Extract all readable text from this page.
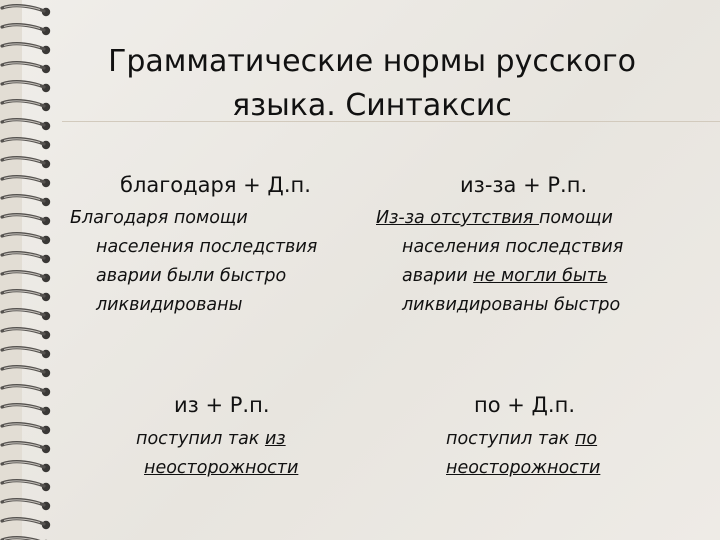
Грамматические нормы русского
языка. Синтаксис
благодаря + Д.п.
Благодаря помощи
населения последствия
аварии были быстро
ликвидированы
из-за + Р.п.
Из-за отсутствия помощи
населения последствия
аварии не могли быть
ликвидированы быстро
из + Р.п.
поступил так из
неосторожности
по + Д.п.
поступил так по
неосторожности
